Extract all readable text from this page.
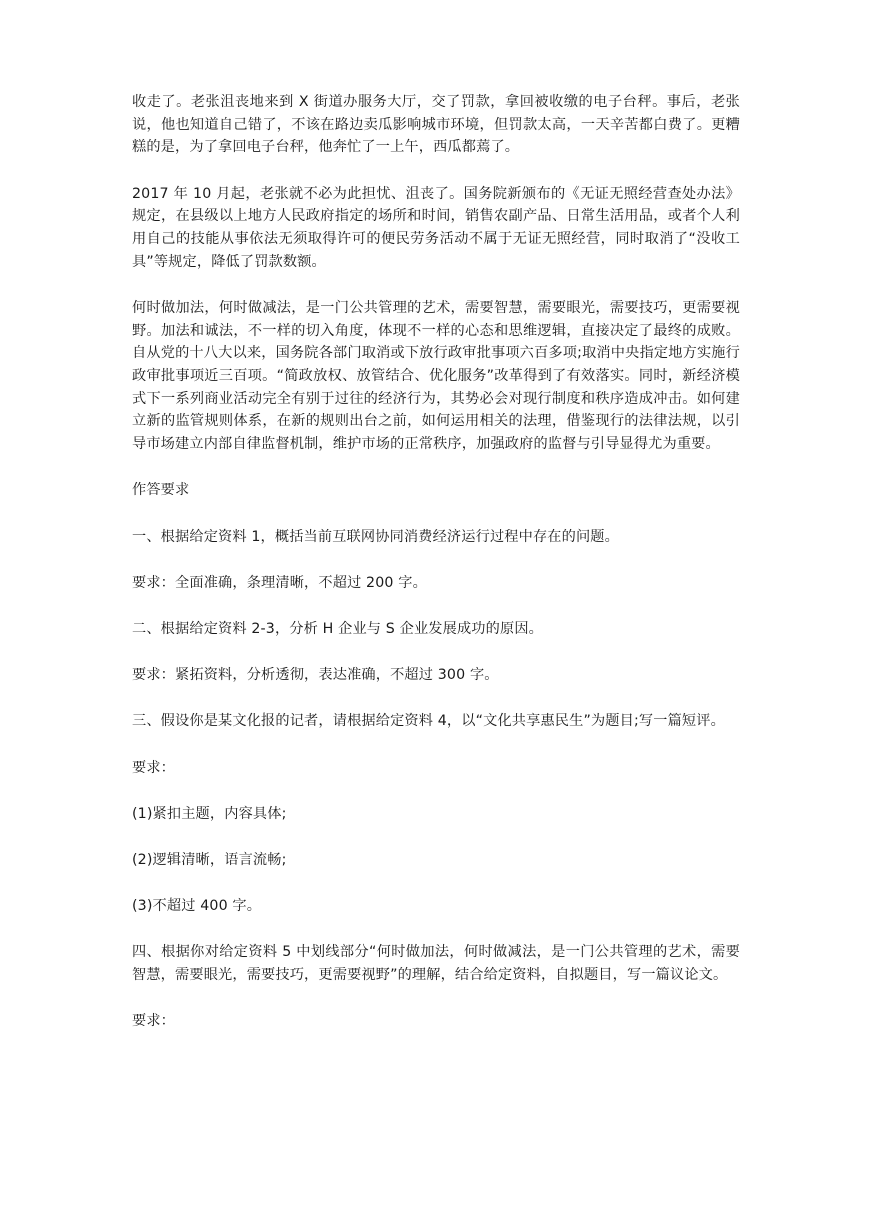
收走了。老张沮丧地来到 X 街道办服务大厅，交了罚款，拿回被收缴的电子台秤。事后，老张说，他也知道自己错了，不该在路边卖瓜影响城市环境，但罚款太高，一天辛苦都白费了。更糟糕的是，为了拿回电子台秤，他奔忙了一上午，西瓜都蔫了。

2017 年 10 月起，老张就不必为此担忧、沮丧了。国务院新颁布的《无证无照经营查处办法》规定，在县级以上地方人民政府指定的场所和时间，销售农副产品、日常生活用品，或者个人利用自己的技能从事依法无须取得许可的便民劳务活动不属于无证无照经营，同时取消了“没收工具”等规定，降低了罚款数额。

何时做加法，何时做减法，是一门公共管理的艺术，需要智慧，需要眼光，需要技巧，更需要视野。加法和诚法，不一样的切入角度，体现不一样的心态和思维逻辑，直接决定了最终的成败。自从党的十八大以来，国务院各部门取消或下放行政审批事项六百多项;取消中央指定地方实施行政审批事项近三百项。“简政放权、放管结合、优化服务”改革得到了有效落实。同时，新经济模式下一系列商业活动完全有别于过往的经济行为，其势必会对现行制度和秩序造成冲击。如何建立新的监管规则体系，在新的规则出台之前，如何运用相关的法理，借鉴现行的法律法规，以引导市场建立内部自律监督机制，维护市场的正常秩序，加强政府的监督与引导显得尤为重要。

作答要求

一、根据给定资料 1，概括当前互联网协同消费经济运行过程中存在的问题。

要求：全面准确，条理清晰，不超过 200 字。

二、根据给定资料 2-3，分析 H 企业与 S 企业发展成功的原因。

要求：紧拓资料，分析透彻，表达准确，不超过 300 字。

三、假设你是某文化报的记者，请根据给定资料 4，以“文化共享惠民生”为题目;写一篇短评。

要求：

(1)紧扣主题，内容具体;

(2)逻辑清晰，语言流畅;

(3)不超过 400 字。

四、根据你对给定资料 5 中划线部分“何时做加法，何时做减法，是一门公共管理的艺术，需要智慧，需要眼光，需要技巧，更需要视野”的理解，结合给定资料，自拟题目，写一篇议论文。

要求：
